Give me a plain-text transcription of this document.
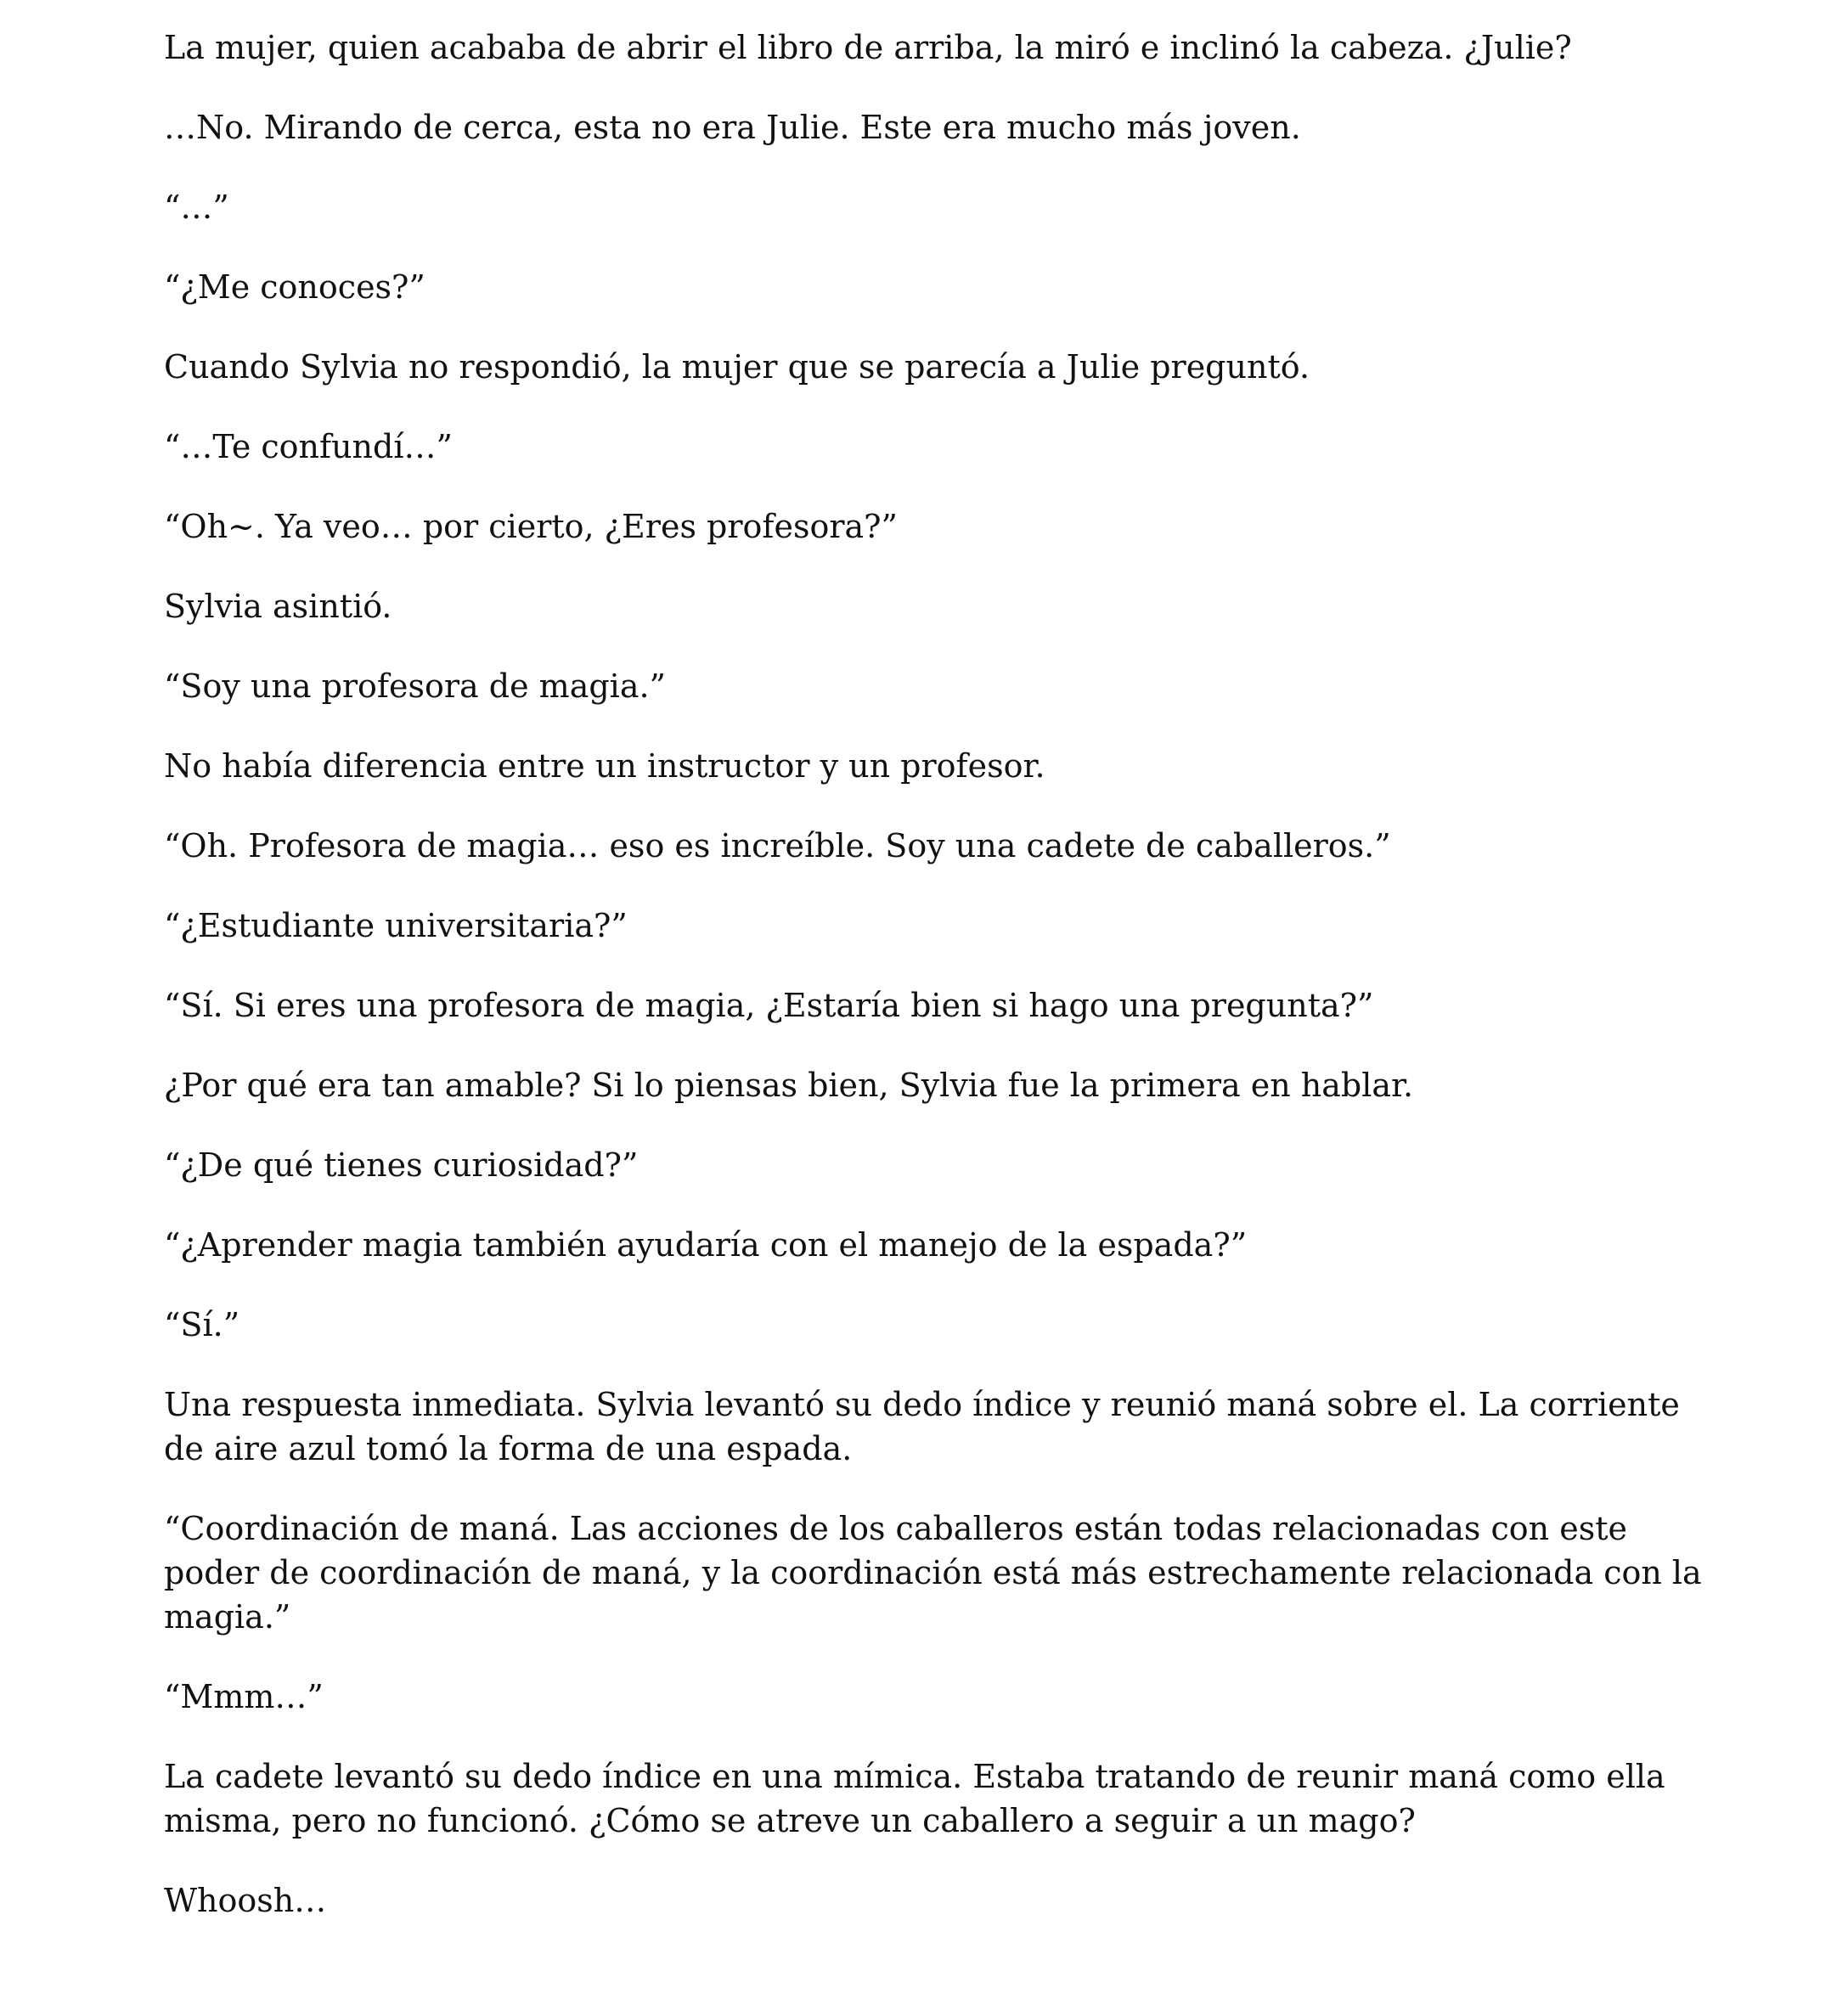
La mujer, quien acababa de abrir el libro de arriba, la miró e inclinó la cabeza. ¿Julie?

…No. Mirando de cerca, esta no era Julie. Este era mucho más joven.

“…”

“¿Me conoces?”

Cuando Sylvia no respondió, la mujer que se parecía a Julie preguntó.

“…Te confundí…”

“Oh~. Ya veo… por cierto, ¿Eres profesora?”

Sylvia asintió.

“Soy una profesora de magia.”

No había diferencia entre un instructor y un profesor.

“Oh. Profesora de magia… eso es increíble. Soy una cadete de caballeros.”

“¿Estudiante universitaria?”

“Sí. Si eres una profesora de magia, ¿Estaría bien si hago una pregunta?”

¿Por qué era tan amable? Si lo piensas bien, Sylvia fue la primera en hablar.

“¿De qué tienes curiosidad?”

“¿Aprender magia también ayudaría con el manejo de la espada?”

“Sí.”

Una respuesta inmediata. Sylvia levantó su dedo índice y reunió maná sobre el. La corriente de aire azul tomó la forma de una espada.

“Coordinación de maná. Las acciones de los caballeros están todas relacionadas con este poder de coordinación de maná, y la coordinación está más estrechamente relacionada con la magia.”

“Mmm…”

La cadete levantó su dedo índice en una mímica. Estaba tratando de reunir maná como ella misma, pero no funcionó. ¿Cómo se atreve un caballero a seguir a un mago?

Whoosh…
